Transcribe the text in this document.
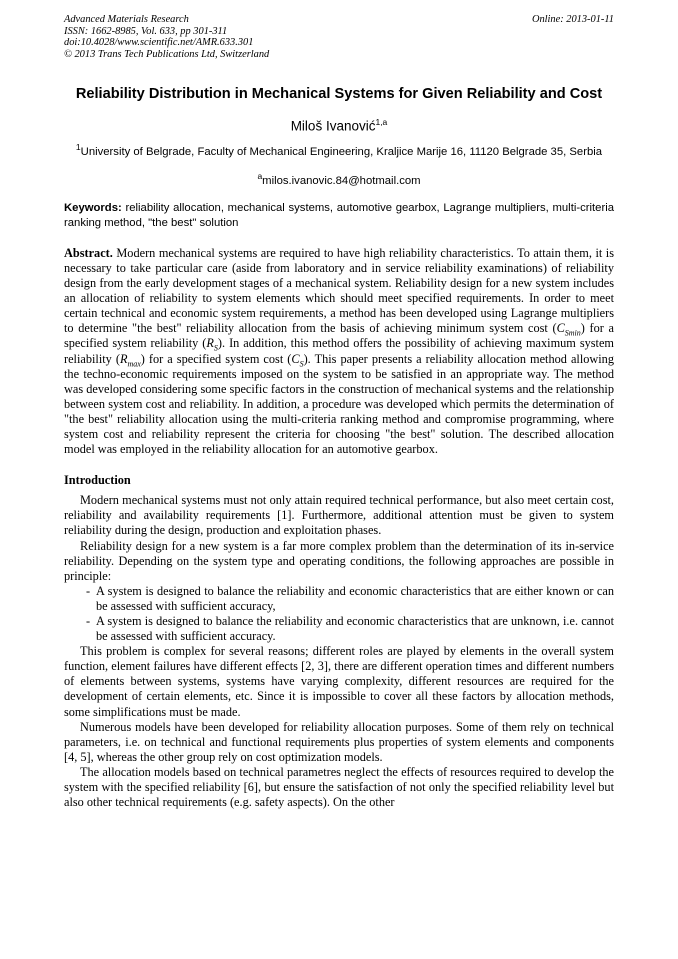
Advanced Materials Research
ISSN: 1662-8985, Vol. 633, pp 301-311
doi:10.4028/www.scientific.net/AMR.633.301
© 2013 Trans Tech Publications Ltd, Switzerland
Online: 2013-01-11
Reliability Distribution in Mechanical Systems for Given Reliability and Cost
Miloš Ivanović$^{1,a}$
$^1$University of Belgrade, Faculty of Mechanical Engineering, Kraljice Marije 16, 11120 Belgrade 35, Serbia
$^a$milos.ivanovic.84@hotmail.com
Keywords: reliability allocation, mechanical systems, automotive gearbox, Lagrange multipliers, multi-criteria ranking method, "the best" solution
Abstract. Modern mechanical systems are required to have high reliability characteristics. To attain them, it is necessary to take particular care (aside from laboratory and in service reliability examinations) of reliability design from the early development stages of a mechanical system. Reliability design for a new system includes an allocation of reliability to system elements which should meet specified requirements. In order to meet certain technical and economic system requirements, a method has been developed using Lagrange multipliers to determine "the best" reliability allocation from the basis of achieving minimum system cost $(C_{Smin})$ for a specified system reliability $(R_S)$. In addition, this method offers the possibility of achieving maximum system reliability $(R_{max})$ for a specified system cost $(C_S)$. This paper presents a reliability allocation method allowing the techno-economic requirements imposed on the system to be satisfied in an appropriate way. The method was developed considering some specific factors in the construction of mechanical systems and the relationship between system cost and reliability. In addition, a procedure was developed which permits the determination of "the best" reliability allocation using the multi-criteria ranking method and compromise programming, where system cost and reliability represent the criteria for choosing "the best" solution. The described allocation model was employed in the reliability allocation for an automotive gearbox.
Introduction

Modern mechanical systems must not only attain required technical performance, but also meet certain cost, reliability and availability requirements [1]. Furthermore, additional attention must be given to system reliability during the design, production and exploitation phases.

Reliability design for a new system is a far more complex problem than the determination of its in-service reliability. Depending on the system type and operating conditions, the following approaches are possible in principle:

- A system is designed to balance the reliability and economic characteristics that are either known or can be assessed with sufficient accuracy,
- A system is designed to balance the reliability and economic characteristics that are unknown, i.e. cannot be assessed with sufficient accuracy.

This problem is complex for several reasons; different roles are played by elements in the overall system function, element failures have different effects [2, 3], there are different operation times and different numbers of elements between systems, systems have varying complexity, different resources are required for the development of certain elements, etc. Since it is impossible to cover all these factors by allocation methods, some simplifications must be made.

Numerous models have been developed for reliability allocation purposes. Some of them rely on technical parameters, i.e. on technical and functional requirements plus properties of system elements and components [4, 5], whereas the other group rely on cost optimization models.

The allocation models based on technical parametres neglect the effects of resources required to develop the system with the specified reliability [6], but ensure the satisfaction of not only the specified reliability level but also other technical requirements (e.g. safety aspects). On the other
